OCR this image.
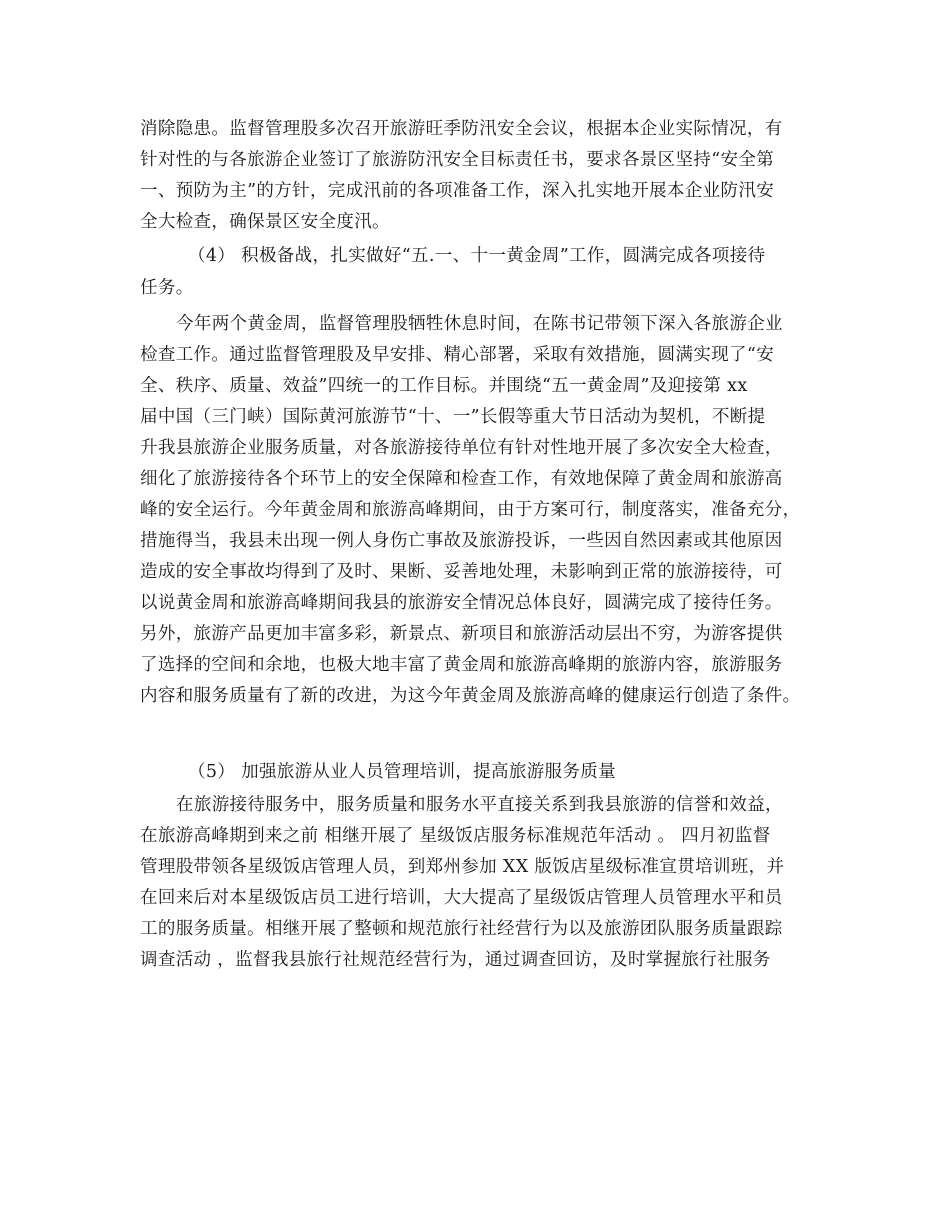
消除隐患。监督管理股多次召开旅游旺季防汛安全会议，根据本企业实际情况，有
针对性的与各旅游企业签订了旅游防汛安全目标责任书，要求各景区坚持“安全第
一、预防为主”的方针，完成汛前的各项准备工作，深入扎实地开展本企业防汛安
全大检查，确保景区安全度汛。
（4） 积极备战，扎实做好“五.一、十一黄金周”工作，圆满完成各项接待
任务。
今年两个黄金周，监督管理股牺牲休息时间，在陈书记带领下深入各旅游企业
检查工作。通过监督管理股及早安排、精心部署，采取有效措施，圆满实现了“安
全、秩序、质量、效益”四统一的工作目标。并围绕“五一黄金周”及迎接第 xx
届中国（三门峡）国际黄河旅游节“十、一”长假等重大节日活动为契机，不断提
升我县旅游企业服务质量，对各旅游接待单位有针对性地开展了多次安全大检查，
细化了旅游接待各个环节上的安全保障和检查工作，有效地保障了黄金周和旅游高
峰的安全运行。今年黄金周和旅游高峰期间，由于方案可行，制度落实，准备充分，
措施得当，我县未出现一例人身伤亡事故及旅游投诉，一些因自然因素或其他原因
造成的安全事故均得到了及时、果断、妥善地处理，未影响到正常的旅游接待，可
以说黄金周和旅游高峰期间我县的旅游安全情况总体良好，圆满完成了接待任务。
另外，旅游产品更加丰富多彩，新景点、新项目和旅游活动层出不穷，为游客提供
了选择的空间和余地，也极大地丰富了黄金周和旅游高峰期的旅游内容，旅游服务
内容和服务质量有了新的改进，为这今年黄金周及旅游高峰的健康运行创造了条件。
（5） 加强旅游从业人员管理培训，提高旅游服务质量
在旅游接待服务中，服务质量和服务水平直接关系到我县旅游的信誉和效益，
在旅游高峰期到来之前 相继开展了 星级饭店服务标准规范年活动 。 四月初监督
管理股带领各星级饭店管理人员，到郑州参加 XX 版饭店星级标准宣贯培训班，并
在回来后对本星级饭店员工进行培训，大大提高了星级饭店管理人员管理水平和员
工的服务质量。相继开展了整顿和规范旅行社经营行为以及旅游团队服务质量跟踪
调查活动 ，监督我县旅行社规范经营行为，通过调查回访，及时掌握旅行社服务
